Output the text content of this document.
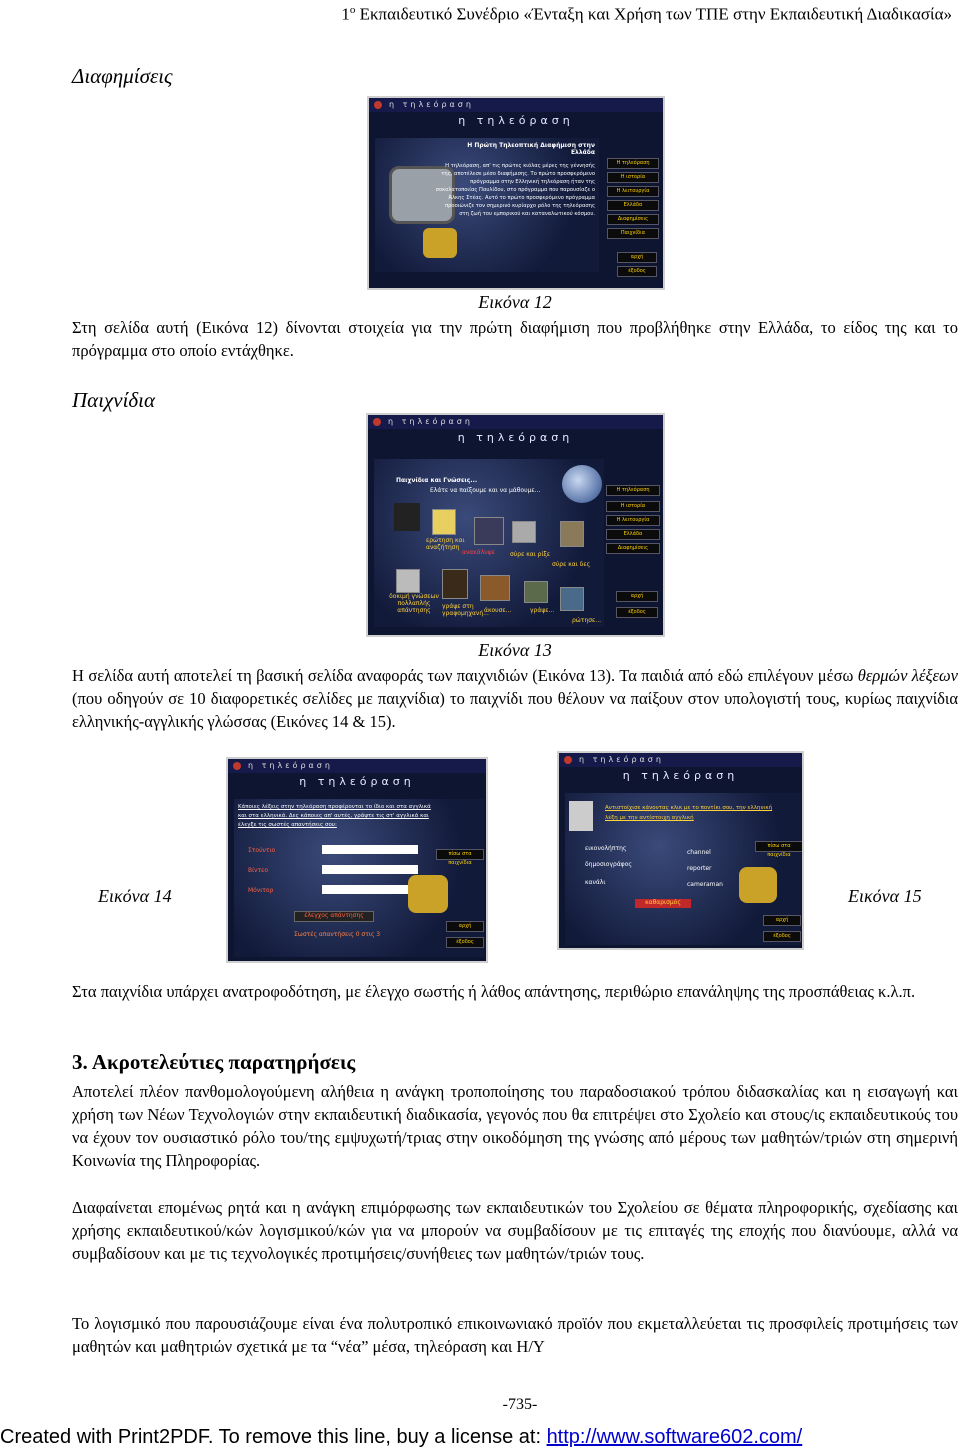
$1^o$ Εκπαιδευτικό Συνέδριο «Ένταξη και Χρήση των ΤΠΕ στην Εκπαιδευτική Διαδικασία»
Διαφημίσεις
η τηλεόραση
η τηλεόραση
Η Πρώτη Τηλεοπτική Διαφήμιση στην Ελλάδα
Η τηλεόραση, απ' τις πρώτες κιόλας μέρες της γέννησής της, αποτέλεσε μέσο διαφήμισης. Το πρώτο προσφερόμενο πρόγραμμα στην Ελληνική τηλεόραση ήταν της σοκολατοποιίας Παυλίδου, στο πρόγραμμα που παρουσίαζε ο Άλκης Στέας. Αυτό το πρώτο προσφερόμενο πρόγραμμα προοιώνιζε τον σημερινό κυρίαρχο ρόλο της τηλεόρασης στη ζωή του εμπορικού και καταναλωτικού κόσμου.
Η τηλεόραση
Η ιστορία
Η λειτουργία
Ελλάδα
Διαφημίσεις
Παιχνίδια
αρχή
έξοδος
Εικόνα 12
Στη σελίδα αυτή (Εικόνα 12) δίνονται στοιχεία για την πρώτη διαφήμιση που προβλήθηκε στην Ελλάδα, το είδος της και το πρόγραμμα στο οποίο εντάχθηκε.
Παιχνίδια
η τηλεόραση
η τηλεόραση
Παιχνίδια και Γνώσεις...
Ελάτε να παίξουμε και να μάθουμε...
ερώτηση και αναζήτηση
ανακάλυψε	σύρε και ρίξε
σύρε και δες
δοκιμή γνώσεων πολλαπλής απάντησης
γράψε στη γραφομηχανή...
άκουσε...	γράψε...
ρώτησε...
Η τηλεόραση
Η ιστορία
Η λειτουργία
Ελλάδα
Διαφημίσεις
αρχή
έξοδος
Εικόνα 13
Η σελίδα αυτή αποτελεί τη βασική σελίδα αναφοράς των παιχνιδιών (Εικόνα 13). Τα παιδιά από εδώ επιλέγουν μέσω θερμών λέξεων (που οδηγούν σε 10 διαφορετικές σελίδες με παιχνίδια) το παιχνίδι που θέλουν να παίξουν στον υπολογιστή τους, κυρίως παιχνίδια ελληνικής-αγγλικής γλώσσας (Εικόνες 14 & 15).
Εικόνα 14
η τηλεόραση
η τηλεόραση
Κάποιες λέξεις στην τηλεόραση προφέρονται το ίδιο και στα αγγλικά και στα ελληνικά. Δες κάποιες απ' αυτές, γράψτε τις στ' αγγλικά και έλεγξε τις σωστές απαντήσεις σου:
Στούντιο
Βίντεο
Μόνιτορ
έλεγχος απάντησης
Σωστές απαντήσεις 0 στις 3
πίσω στα παιχνίδια
αρχή
έξοδος
η τηλεόραση
η τηλεόραση
Αντιστοίχισε κάνοντας κλικ με το ποντίκι σου, την ελληνική λέξη με την αντίστοιχη αγγλική
εικονολήπτης
δημοσιογράφος
κανάλι
channel
reporter
cameraman
καθαρισμός
πίσω στα παιχνίδια
αρχή
έξοδος
Εικόνα 15
Στα παιχνίδια υπάρχει ανατροφοδότηση, με έλεγχο σωστής ή λάθος απάντησης, περιθώριο επανάληψης της προσπάθειας κ.λ.π.
3. Ακροτελεύτιες παρατηρήσεις
Αποτελεί πλέον πανθομολογούμενη αλήθεια η ανάγκη τροποποίησης του παραδοσιακού τρόπου διδασκαλίας και η εισαγωγή και χρήση των Νέων Τεχνολογιών στην εκπαιδευτική διαδικασία, γεγονός που θα επιτρέψει στο Σχολείο και στους/ις εκπαιδευτικούς του να έχουν τον ουσιαστικό ρόλο του/της εμψυχωτή/τριας στην οικοδόμηση της γνώσης από μέρους των μαθητών/τριών στη σημερινή Κοινωνία της Πληροφορίας.
Διαφαίνεται επομένως ρητά και η ανάγκη επιμόρφωσης των εκπαιδευτικών του Σχολείου σε θέματα πληροφορικής, σχεδίασης και χρήσης εκπαιδευτικού/κών λογισμικού/κών για να μπορούν να συμβαδίσουν με τις επιταγές της εποχής που διανύουμε, αλλά να συμβαδίσουν και με τις τεχνολογικές προτιμήσεις/συνήθειες των μαθητών/τριών τους.
Το λογισμικό που παρουσιάζουμε είναι ένα πολυτροπικό επικοινωνιακό προϊόν που εκμεταλλεύεται τις προσφιλείς προτιμήσεις των μαθητών και μαθητριών σχετικά με τα “νέα” μέσα, τηλεόραση και Η/Υ
-735-
Created with Print2PDF. To remove this line, buy a license at: http://www.software602.com/
